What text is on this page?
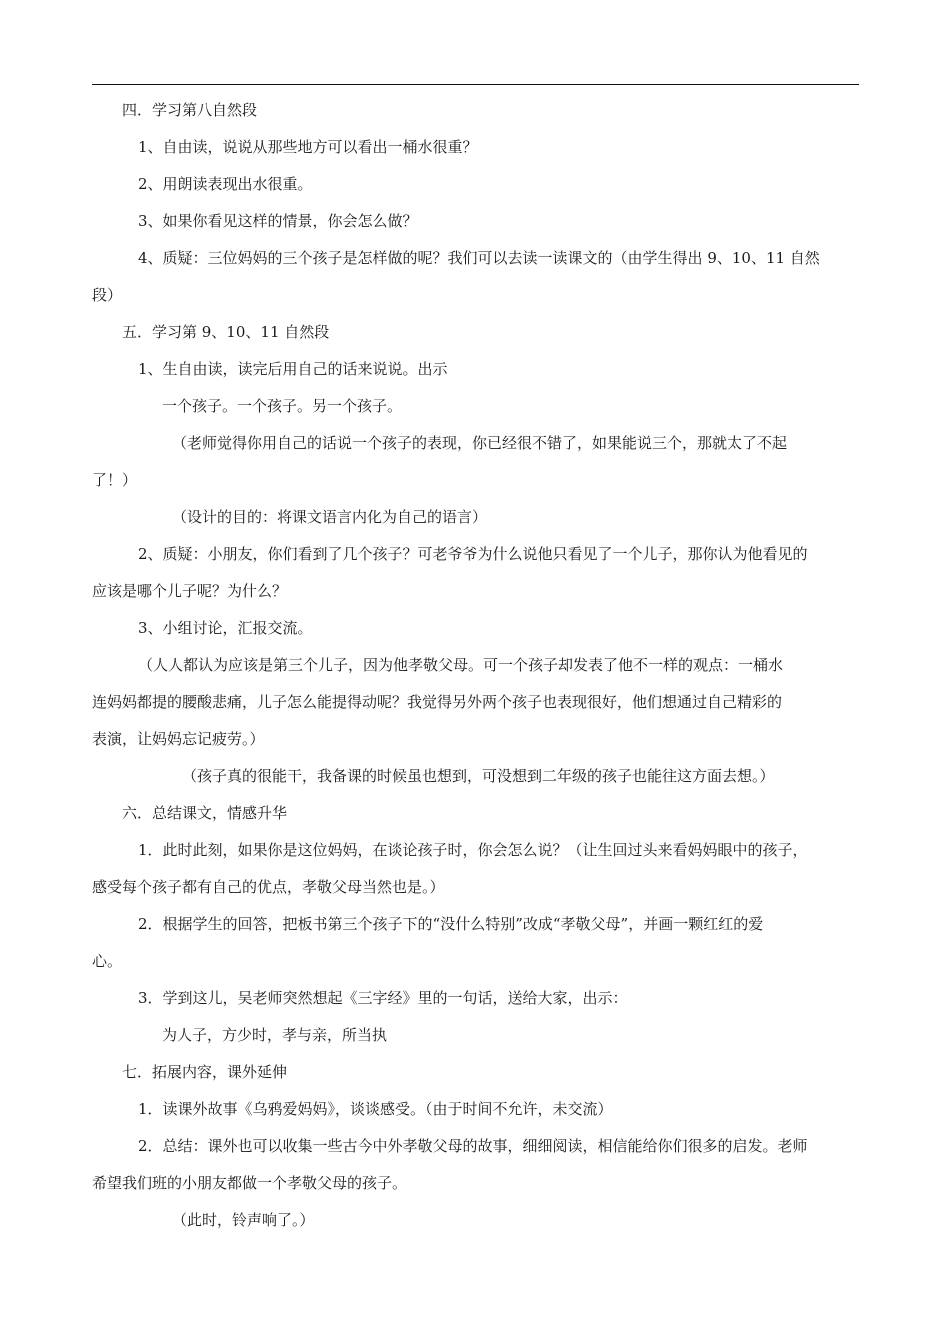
四．学习第八自然段

1、自由读，说说从那些地方可以看出一桶水很重？

2、用朗读表现出水很重。

3、如果你看见这样的情景，你会怎么做？

4、质疑：三位妈妈的三个孩子是怎样做的呢？我们可以去读一读课文的（由学生得出 9、10、11 自然

段）

五．学习第 9、10、11 自然段

1、生自由读，读完后用自己的话来说说。出示

一个孩子。一个孩子。另一个孩子。

（老师觉得你用自己的话说一个孩子的表现，你已经很不错了，如果能说三个，那就太了不起

了！）

（设计的目的：将课文语言内化为自己的语言）

2、质疑：小朋友，你们看到了几个孩子？可老爷爷为什么说他只看见了一个儿子，那你认为他看见的

应该是哪个儿子呢？为什么？

3、小组讨论，汇报交流。

（人人都认为应该是第三个儿子，因为他孝敬父母。可一个孩子却发表了他不一样的观点：一桶水

连妈妈都提的腰酸悲痛，儿子怎么能提得动呢？我觉得另外两个孩子也表现很好，他们想通过自己精彩的

表演，让妈妈忘记疲劳。）

（孩子真的很能干，我备课的时候虽也想到，可没想到二年级的孩子也能往这方面去想。）

六．总结课文，情感升华

1．此时此刻，如果你是这位妈妈，在谈论孩子时，你会怎么说？（让生回过头来看妈妈眼中的孩子，

感受每个孩子都有自己的优点，孝敬父母当然也是。）

2．根据学生的回答，把板书第三个孩子下的“没什么特别”改成“孝敬父母”，并画一颗红红的爱

心。

3．学到这儿，吴老师突然想起《三字经》里的一句话，送给大家，出示：

为人子，方少时，孝与亲，所当执

七．拓展内容，课外延伸

1．读课外故事《乌鸦爱妈妈》，谈谈感受。（由于时间不允许，未交流）

2．总结：课外也可以收集一些古今中外孝敬父母的故事，细细阅读，相信能给你们很多的启发。老师

希望我们班的小朋友都做一个孝敬父母的孩子。

（此时，铃声响了。）
